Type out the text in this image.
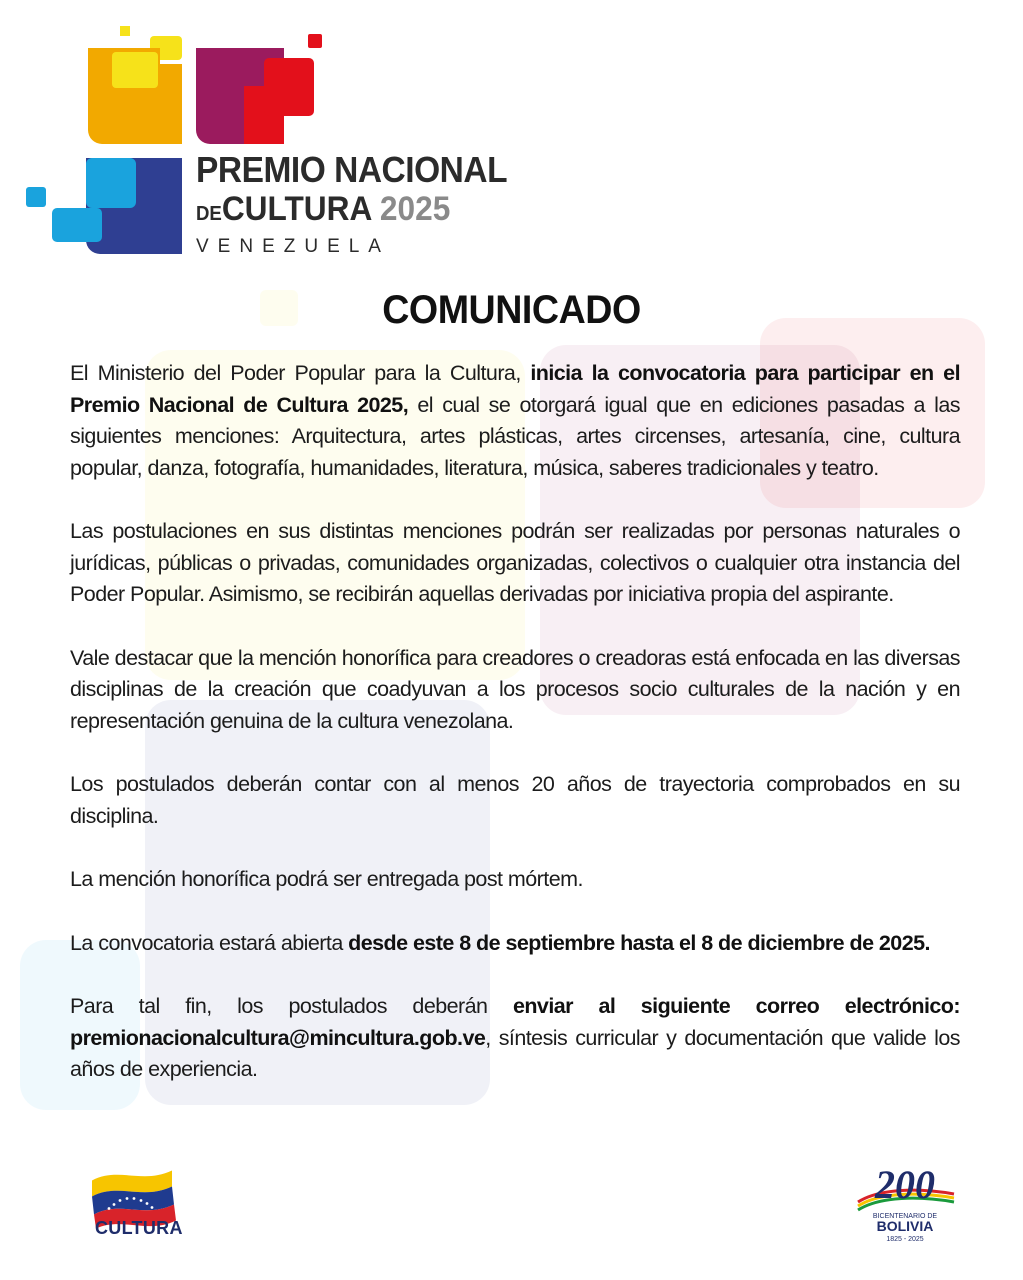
PREMIO NACIONAL
DECULTURA 2025
VENEZUELA
COMUNICADO

El Ministerio del Poder Popular para la Cultura, inicia la convocatoria para participar en el Premio Nacional de Cultura 2025, el cual se otorgará igual que en ediciones pasadas a las siguientes menciones: Arquitectura, artes plásticas, artes circenses, artesanía, cine, cultura popular, danza, fotografía, humanidades, literatura, música, saberes tradicionales y teatro.

Las postulaciones en sus distintas menciones podrán ser realizadas por personas naturales o jurídicas, públicas o privadas, comunidades organizadas, colectivos o cualquier otra instancia del Poder Popular. Asimismo, se recibirán aquellas derivadas por iniciativa propia del aspirante.

Vale destacar que la mención honorífica para creadores o creadoras está enfocada en las diversas disciplinas de la creación que coadyuvan a los procesos socio culturales de la nación y en representación genuina de la cultura venezolana.

Los postulados deberán contar con al menos 20 años de trayectoria comprobados en su disciplina.

La mención honorífica podrá ser entregada post mórtem.

La convocatoria estará abierta desde este 8 de septiembre hasta el 8 de diciembre de 2025.

Para tal fin, los postulados deberán enviar al siguiente correo electrónico: premionacionalcultura@mincultura.gob.ve, síntesis curricular y documentación que valide los años de experiencia.

CULTURA
200
BICENTENARIO DE
BOLIVIA
1825 - 2025
